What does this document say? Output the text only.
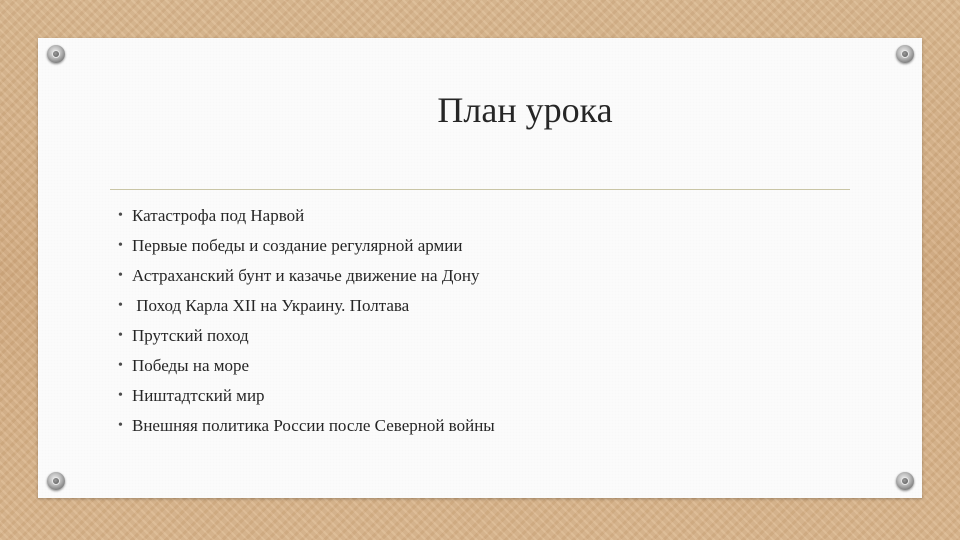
План урока
• Катастрофа под Нарвой
• Первые победы и создание регулярной армии
• Астраханский бунт и казачье движение на Дону
• Поход Карла XII на Украину. Полтава
• Прутский поход
• Победы на море
• Ништадтский мир
• Внешняя политика России после Северной войны
